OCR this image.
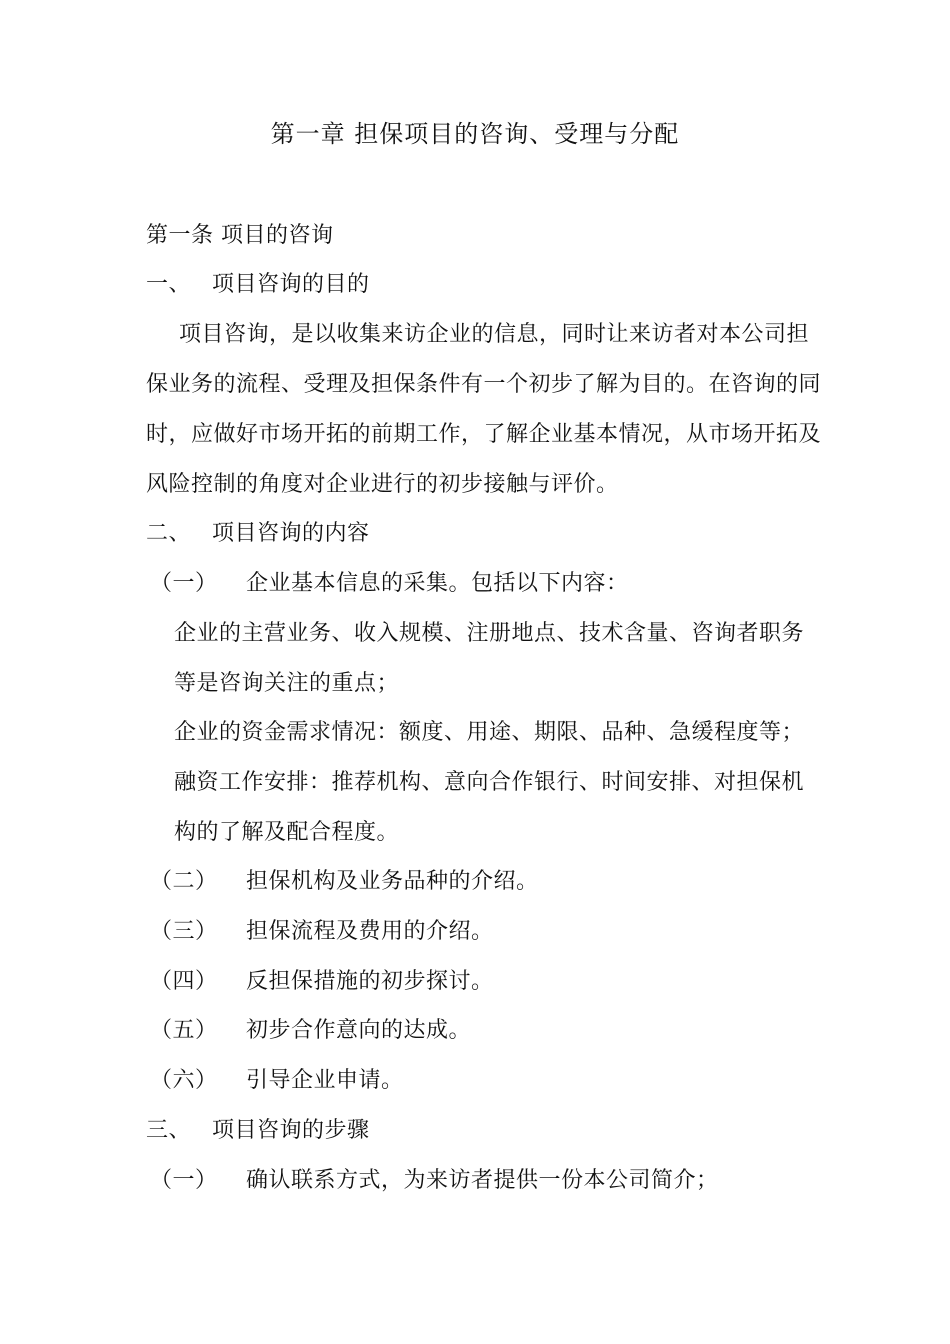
第一章 担保项目的咨询、受理与分配
第一条 项目的咨询
一、 项目咨询的目的
项目咨询，是以收集来访企业的信息，同时让来访者对本公司担
保业务的流程、受理及担保条件有一个初步了解为目的。在咨询的同
时，应做好市场开拓的前期工作，了解企业基本情况，从市场开拓及
风险控制的角度对企业进行的初步接触与评价。
二、 项目咨询的内容
（一） 企业基本信息的采集。包括以下内容：
企业的主营业务、收入规模、注册地点、技术含量、咨询者职务
等是咨询关注的重点；
企业的资金需求情况：额度、用途、期限、品种、急缓程度等；
融资工作安排：推荐机构、意向合作银行、时间安排、对担保机
构的了解及配合程度。
（二） 担保机构及业务品种的介绍。
（三） 担保流程及费用的介绍。
（四） 反担保措施的初步探讨。
（五） 初步合作意向的达成。
（六） 引导企业申请。
三、 项目咨询的步骤
（一） 确认联系方式，为来访者提供一份本公司简介；
